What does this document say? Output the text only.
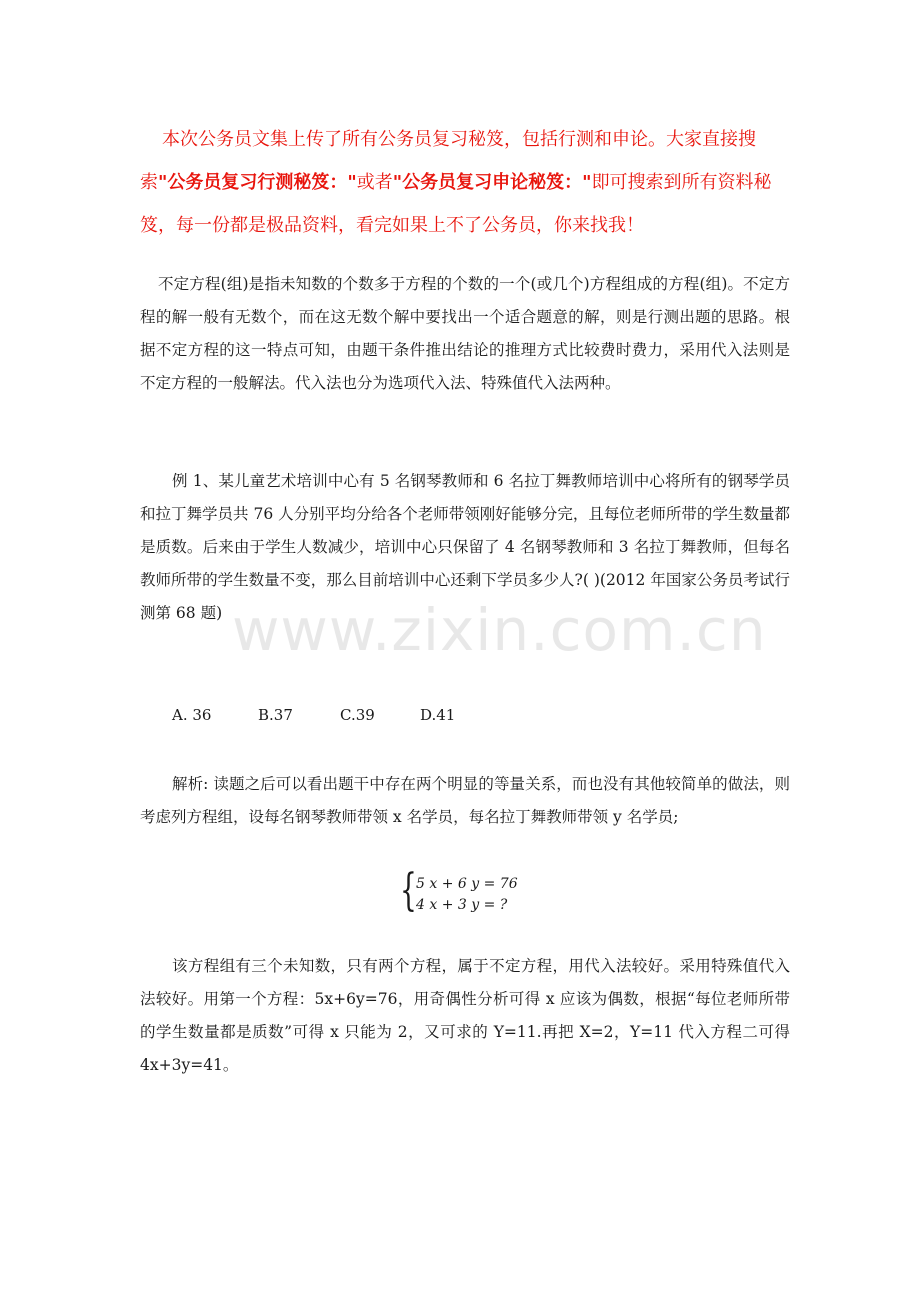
本次公务员文集上传了所有公务员复习秘笈，包括行测和申论。大家直接搜索"公务员复习行测秘笈："或者"公务员复习申论秘笈："即可搜索到所有资料秘笈，每一份都是极品资料，看完如果上不了公务员，你来找我！
不定方程(组)是指未知数的个数多于方程的个数的一个(或几个)方程组成的方程(组)。不定方程的解一般有无数个，而在这无数个解中要找出一个适合题意的解，则是行测出题的思路。根据不定方程的这一特点可知，由题干条件推出结论的推理方式比较费时费力，采用代入法则是不定方程的一般解法。代入法也分为选项代入法、特殊值代入法两种。
例 1、某儿童艺术培训中心有 5 名钢琴教师和 6 名拉丁舞教师培训中心将所有的钢琴学员和拉丁舞学员共 76 人分别平均分给各个老师带领刚好能够分完，且每位老师所带的学生数量都是质数。后来由于学生人数减少，培训中心只保留了 4 名钢琴教师和 3 名拉丁舞教师，但每名教师所带的学生数量不变，那么目前培训中心还剩下学员多少人?( )(2012 年国家公务员考试行测第 68 题)
A. 36	B.37	C.39	D.41
解析: 读题之后可以看出题干中存在两个明显的等量关系，而也没有其他较简单的做法，则考虑列方程组，设每名钢琴教师带领 x 名学员，每名拉丁舞教师带领 y 名学员;
{ 5 x + 6 y = 76
4 x + 3 y = ?
该方程组有三个未知数，只有两个方程，属于不定方程，用代入法较好。采用特殊值代入法较好。用第一个方程：5x+6y=76，用奇偶性分析可得 x 应该为偶数，根据“每位老师所带的学生数量都是质数”可得 x 只能为 2，又可求的 Y=11.再把 X=2，Y=11 代入方程二可得 4x+3y=41。
www.zixin.com.cn
